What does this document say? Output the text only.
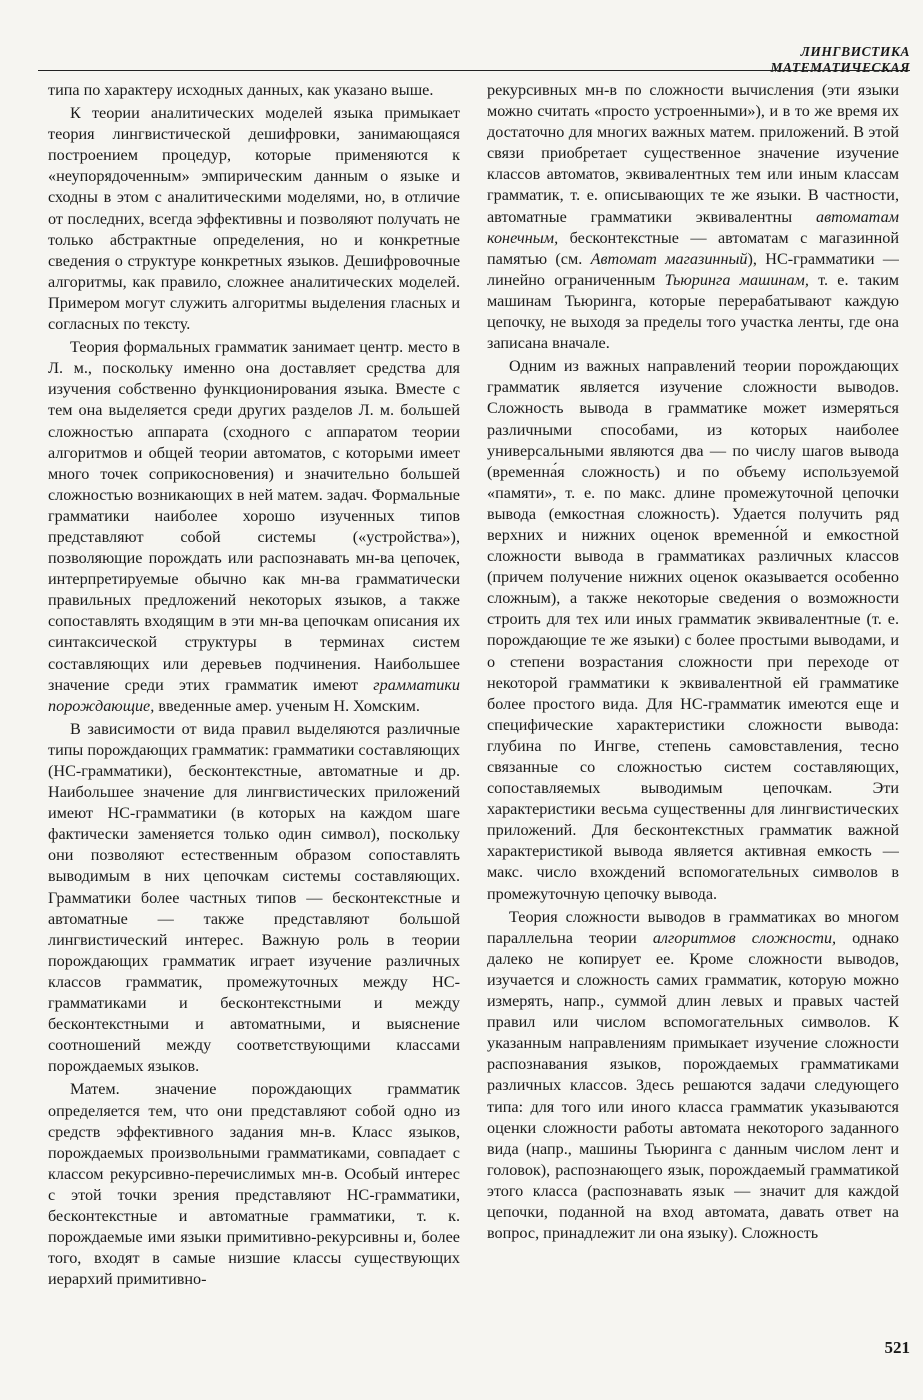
ЛИНГВИСТИКА МАТЕМАТИЧЕСКАЯ

типа по характеру исходных данных, как указано выше.

К теории аналитических моделей языка примыкает теория лингвистической дешифровки, занимающаяся построением процедур, которые применяются к «неупорядоченным» эмпирическим данным о языке и сходны в этом с аналитическими моделями, но, в отличие от последних, всегда эффективны и позволяют получать не только абстрактные определения, но и конкретные сведения о структуре конкретных языков. Дешифровочные алгоритмы, как правило, сложнее аналитических моделей. Примером могут служить алгоритмы выделения гласных и согласных по тексту.

Теория формальных грамматик занимает центр. место в Л. м., поскольку именно она доставляет средства для изучения собственно функционирования языка. Вместе с тем она выделяется среди других разделов Л. м. большей сложностью аппарата (сходного с аппаратом теории алгоритмов и общей теории автоматов, с которыми имеет много точек соприкосновения) и значительно большей сложностью возникающих в ней матем. задач. Формальные грамматики наиболее хорошо изученных типов представляют собой системы («устройства»), позволяющие порождать или распознавать мн-ва цепочек, интерпретируемые обычно как мн-ва грамматически правильных предложений некоторых языков, а также сопоставлять входящим в эти мн-ва цепочкам описания их синтаксической структуры в терминах систем составляющих или деревьев подчинения. Наибольшее значение среди этих грамматик имеют грамматики порождающие, введенные амер. ученым Н. Хомским.

В зависимости от вида правил выделяются различные типы порождающих грамматик: грамматики составляющих (НС-грамматики), бесконтекстные, автоматные и др. Наибольшее значение для лингвистических приложений имеют НС-грамматики (в которых на каждом шаге фактически заменяется только один символ), поскольку они позволяют естественным образом сопоставлять выводимым в них цепочкам системы составляющих. Грамматики более частных типов — бесконтекстные и автоматные — также представляют большой лингвистический интерес. Важную роль в теории порождающих грамматик играет изучение различных классов грамматик, промежуточных между НС-грамматиками и бесконтекстными и между бесконтекстными и автоматными, и выяснение соотношений между соответствующими классами порождаемых языков.

Матем. значение порождающих грамматик определяется тем, что они представляют собой одно из средств эффективного задания мн-в. Класс языков, порождаемых произвольными грамматиками, совпадает с классом рекурсивно-перечислимых мн-в. Особый интерес с этой точки зрения представляют НС-грамматики, бесконтекстные и автоматные грамматики, т. к. порождаемые ими языки примитивно-рекурсивны и, более того, входят в самые низшие классы существующих иерархий примитивно-

рекурсивных мн-в по сложности вычисления (эти языки можно считать «просто устроенными»), и в то же время их достаточно для многих важных матем. приложений. В этой связи приобретает существенное значение изучение классов автоматов, эквивалентных тем или иным классам грамматик, т. е. описывающих те же языки. В частности, автоматные грамматики эквивалентны автоматам конечным, бесконтекстные — автоматам с магазинной памятью (см. Автомат магазинный), НС-грамматики — линейно ограниченным Тьюринга машинам, т. е. таким машинам Тьюринга, которые перерабатывают каждую цепочку, не выходя за пределы того участка ленты, где она записана вначале.

Одним из важных направлений теории порождающих грамматик является изучение сложности выводов. Сложность вывода в грамматике может измеряться различными способами, из которых наиболее универсальными являются два — по числу шагов вывода (временна́я сложность) и по объему используемой «памяти», т. е. по макс. длине промежуточной цепочки вывода (емкостная сложность). Удается получить ряд верхних и нижних оценок временно́й и емкостной сложности вывода в грамматиках различных классов (причем получение нижних оценок оказывается особенно сложным), а также некоторые сведения о возможности строить для тех или иных грамматик эквивалентные (т. е. порождающие те же языки) с более простыми выводами, и о степени возрастания сложности при переходе от некоторой грамматики к эквивалентной ей грамматике более простого вида. Для НС-грамматик имеются еще и специфические характеристики сложности вывода: глубина по Ингве, степень самовставления, тесно связанные со сложностью систем составляющих, сопоставляемых выводимым цепочкам. Эти характеристики весьма существенны для лингвистических приложений. Для бесконтекстных грамматик важной характеристикой вывода является активная емкость — макс. число вхождений вспомогательных символов в промежуточную цепочку вывода.

Теория сложности выводов в грамматиках во многом параллельна теории алгоритмов сложности, однако далеко не копирует ее. Кроме сложности выводов, изучается и сложность самих грамматик, которую можно измерять, напр., суммой длин левых и правых частей правил или числом вспомогательных символов. К указанным направлениям примыкает изучение сложности распознавания языков, порождаемых грамматиками различных классов. Здесь решаются задачи следующего типа: для того или иного класса грамматик указываются оценки сложности работы автомата некоторого заданного вида (напр., машины Тьюринга с данным числом лент и головок), распознающего язык, порождаемый грамматикой этого класса (распознавать язык — значит для каждой цепочки, поданной на вход автомата, давать ответ на вопрос, принадлежит ли она языку). Сложность

521
